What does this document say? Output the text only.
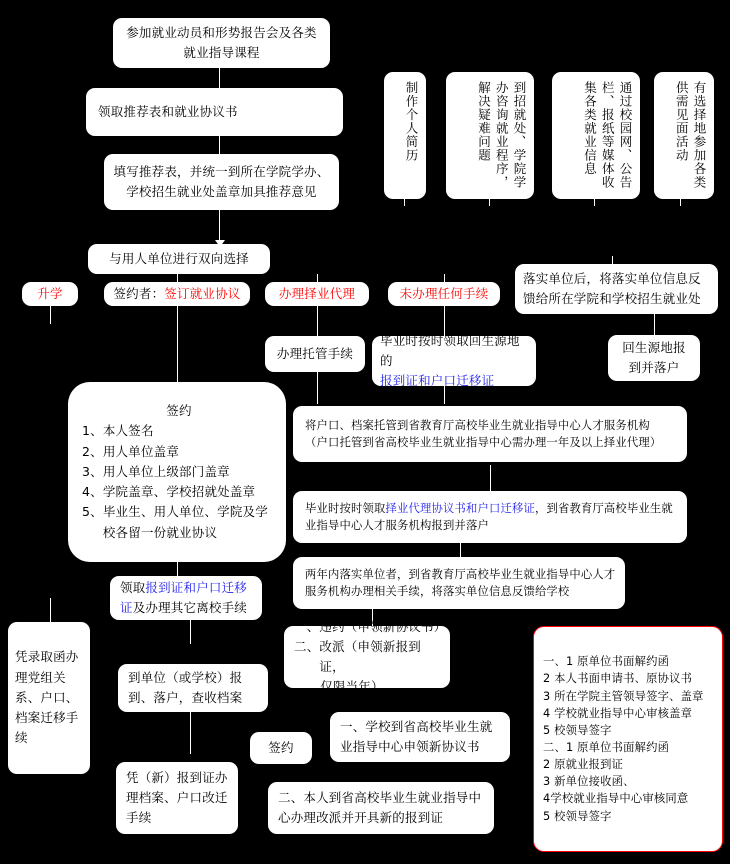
参加就业动员和形势报告会及各类就业指导课程
领取推荐表和就业协议书
填写推荐表，并统一到所在学院学办、学校招生就业处盖章加具推荐意见
制作个人简历	到招就处、学院学办咨询就业程序，解决疑难问题	通过校园网、公告栏、报纸等媒体收集各类就业信息	有选择地参加各类供需见面活动
与用人单位进行双向选择
升学	签约者： 签订就业协议	办理择业代理	未办理任何手续
落实单位后，将落实单位信息反馈给所在学院和学校招生就业处
办理托管手续
毕业时按时领取回生源地的
报到证和户口迁移证
回生源地报到并落户
签约
1、 本人签名
2、 用人单位盖章
3、 用人单位上级部门盖章
4、 学院盖章、学校招就处盖章
5、 毕业生、用人单位、学院及学校各留一份就业协议
将户口、档案托管到省教育厅高校毕业生就业指导中心人才服务机构
（户口托管到省高校毕业生就业指导中心需办理一年及以上择业代理）
毕业时按时领取择业代理协议书和户口迁移证，到省教育厅高校毕业生就业指导中心人才服务机构报到并落户
两年内落实单位者，到省教育厅高校毕业生就业指导中心人才服务机构办理相关手续，将落实单位信息反馈给学校
领取报到证和户口迁移证及办理其它离校手续
凭录取函办理党组关系、户口、档案迁移手续
到单位（或学校）报到、落户，查收档案
一、 违约（申领新协议书）
二、 改派（申领新报到证，
仅限当年）
一、1 原单位书面解约函
2 本人书面申请书、原协议书
3 所在学院主管领导签字、盖章
4 学校就业指导中心审核盖章
5 校领导签字
二、1 原单位书面解约函
2 原就业报到证
3 新单位接收函、
4学校就业指导中心审核同意
5 校领导签字
签约
一、学校到省高校毕业生就业指导中心申领新协议书
凭（新）报到证办理档案、户口改迁手续
二、本人到省高校毕业生就业指导中心办理改派并开具新的报到证
